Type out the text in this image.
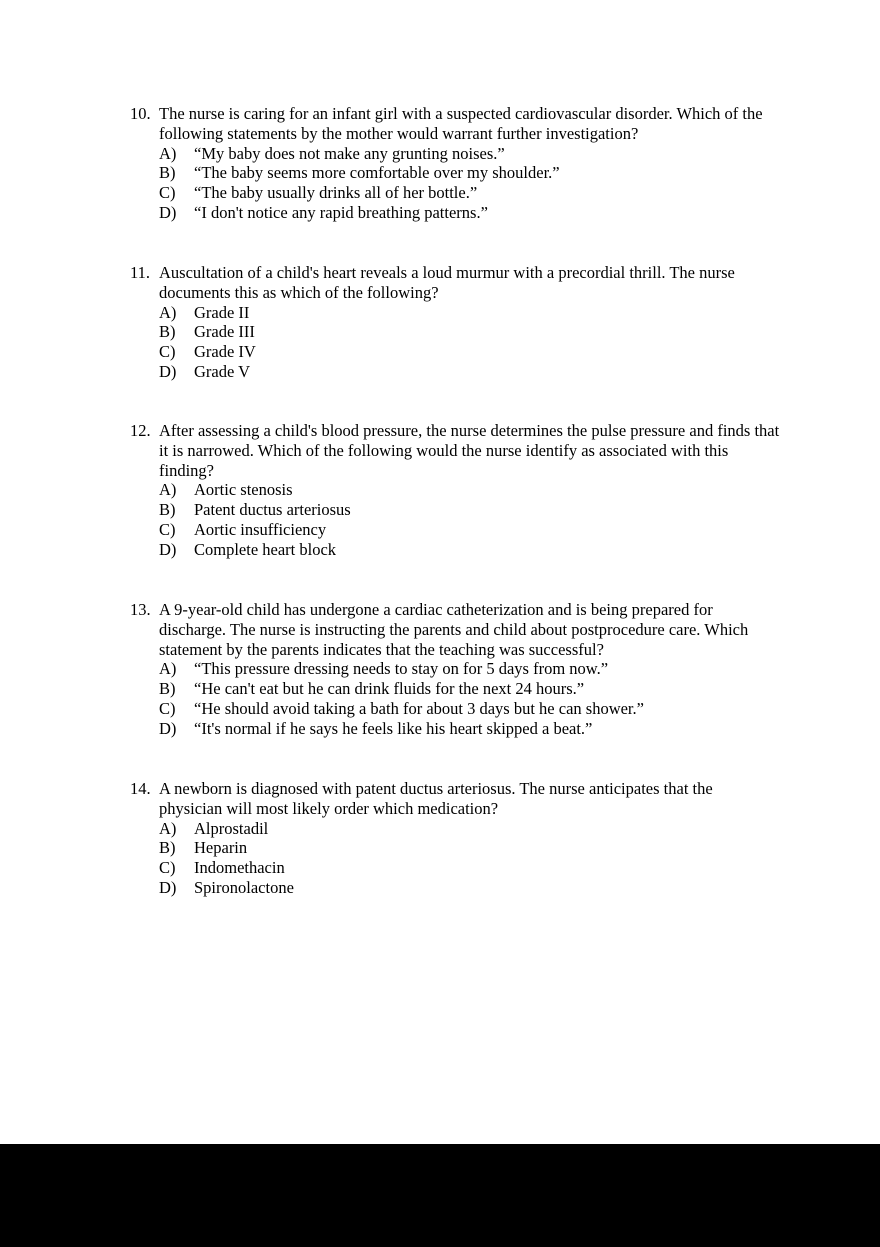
10. The nurse is caring for an infant girl with a suspected cardiovascular disorder. Which of the following statements by the mother would warrant further investigation?
A) “My baby does not make any grunting noises.”
B) “The baby seems more comfortable over my shoulder.”
C) “The baby usually drinks all of her bottle.”
D) “I don't notice any rapid breathing patterns.”
11. Auscultation of a child's heart reveals a loud murmur with a precordial thrill. The nurse documents this as which of the following?
A) Grade II
B) Grade III
C) Grade IV
D) Grade V
12. After assessing a child's blood pressure, the nurse determines the pulse pressure and finds that it is narrowed. Which of the following would the nurse identify as associated with this finding?
A) Aortic stenosis
B) Patent ductus arteriosus
C) Aortic insufficiency
D) Complete heart block
13. A 9-year-old child has undergone a cardiac catheterization and is being prepared for discharge. The nurse is instructing the parents and child about postprocedure care. Which statement by the parents indicates that the teaching was successful?
A) “This pressure dressing needs to stay on for 5 days from now.”
B) “He can't eat but he can drink fluids for the next 24 hours.”
C) “He should avoid taking a bath for about 3 days but he can shower.”
D) “It's normal if he says he feels like his heart skipped a beat.”
14. A newborn is diagnosed with patent ductus arteriosus. The nurse anticipates that the physician will most likely order which medication?
A) Alprostadil
B) Heparin
C) Indomethacin
D) Spironolactone
